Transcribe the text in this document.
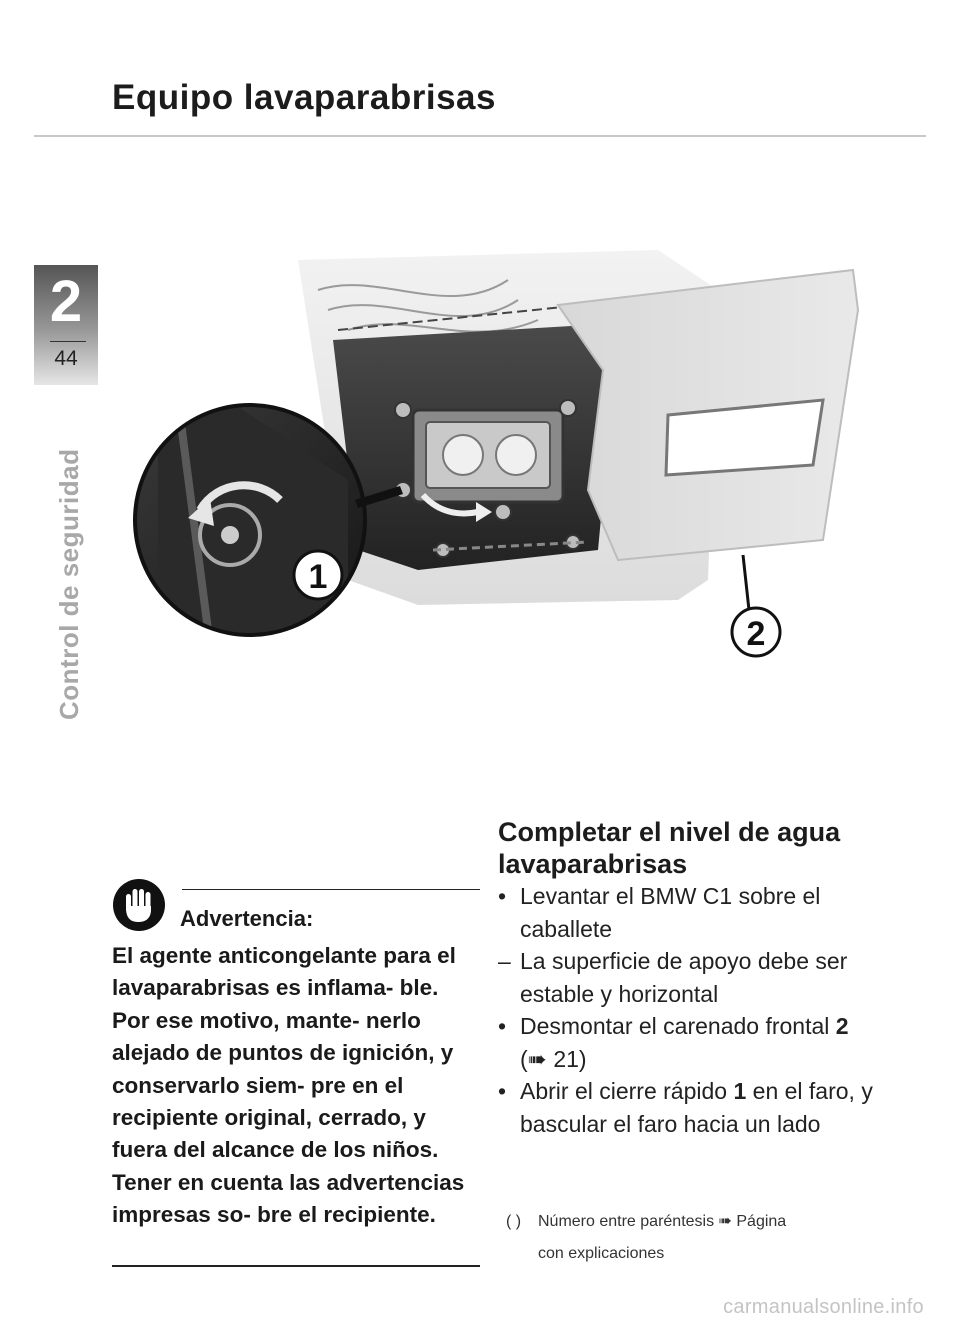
Equipo lavaparabrisas
2
44
Control de seguridad	1
2
Advertencia:
El agente anticongelante para el lavaparabrisas es inflama- ble. Por ese motivo, mante- nerlo alejado de puntos de ignición, y conservarlo siem- pre en el recipiente original, cerrado, y fuera del alcance de los niños. Tener en cuenta las advertencias impresas so- bre el recipiente.
Completar el nivel de agua lavaparabrisas
• Levantar el BMW C1 sobre el caballete
– La superficie de apoyo debe ser estable y horizontal
• Desmontar el carenado frontal 2 (➠ 21)
• Abrir el cierre rápido 1 en el faro, y bascular el faro hacia un lado
( ) Número entre paréntesis ➠ Página
con explicaciones
carmanualsonline.info
